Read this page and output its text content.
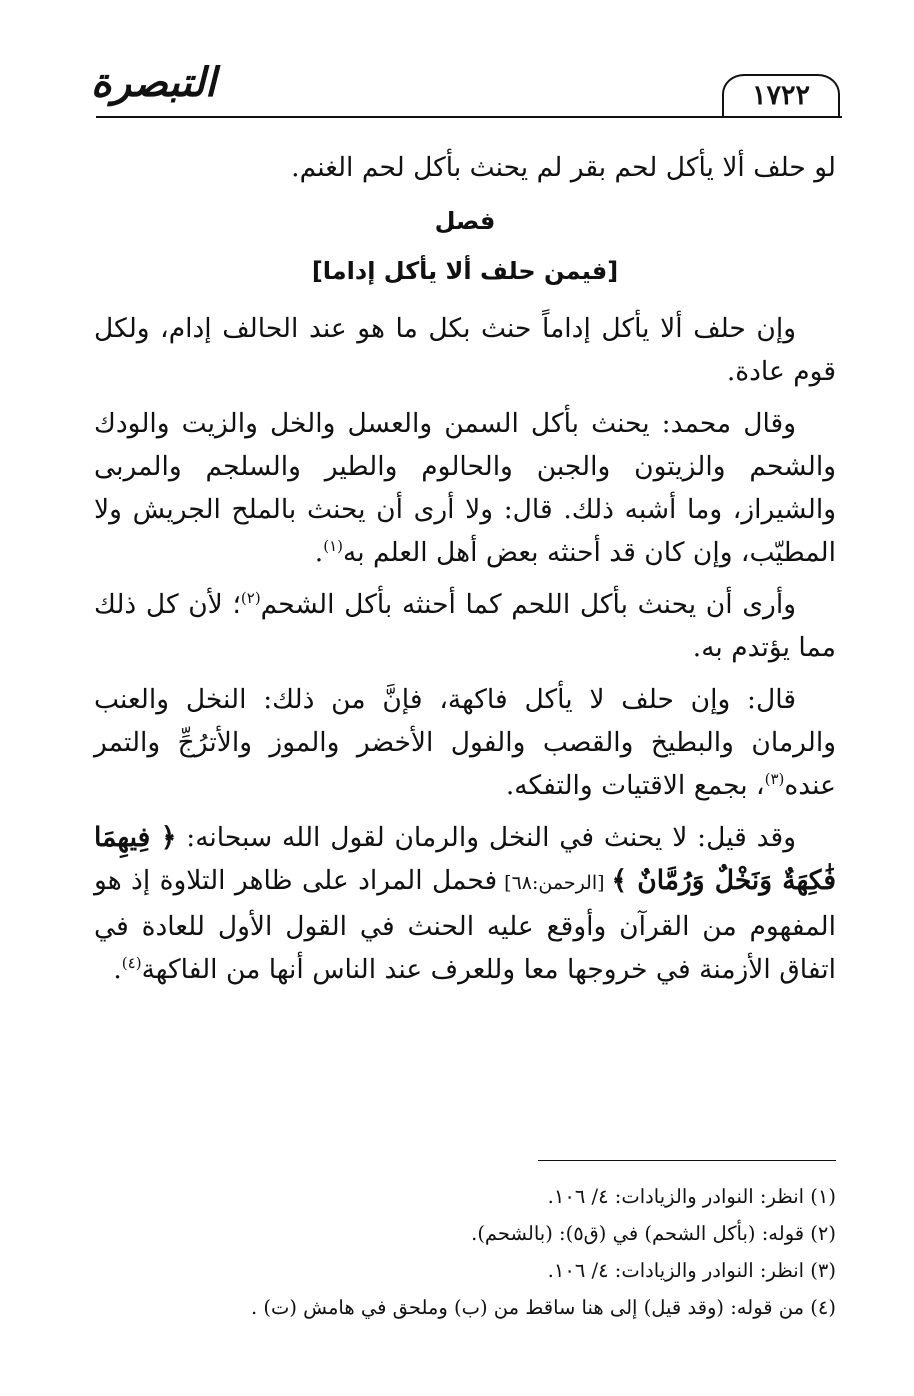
١٧٢٢
التبصرة

لو حلف ألا يأكل لحم بقر لم يحنث بأكل لحم الغنم.

فصل
[فيمن حلف ألا يأكل إداما]

وإن حلف ألا يأكل إداماً حنث بكل ما هو عند الحالف إدام، ولكل قوم عادة.

وقال محمد: يحنث بأكل السمن والعسل والخل والزيت والودك والشحم والزيتون والجبن والحالوم والطير والسلجم والمربى والشيراز، وما أشبه ذلك. قال: ولا أرى أن يحنث بالملح الجريش ولا المطيّب، وإن كان قد أحنثه بعض أهل العلم به$^{(١)}$.

وأرى أن يحنث بأكل اللحم كما أحنثه بأكل الشحم$^{(٢)}$؛ لأن كل ذلك مما يؤتدم به.

قال: وإن حلف لا يأكل فاكهة، فإنَّ من ذلك: النخل والعنب والرمان والبطيخ والقصب والفول الأخضر والموز والأترُجِّ والتمر عنده$^{(٣)}$، بجمع الاقتيات والتفكه.

وقد قيل: لا يحنث في النخل والرمان لقول الله سبحانه: ﴿ فِيهِمَا فَٰكِهَةٌ وَنَخْلٌ وَرُمَّانٌ ﴾ [الرحمن:٦٨] فحمل المراد على ظاهر التلاوة إذ هو المفهوم من القرآن وأوقع عليه الحنث في القول الأول للعادة في اتفاق الأزمنة في خروجها معا وللعرف عند الناس أنها من الفاكهة$^{(٤)}$.

(١) انظر: النوادر والزيادات: ٤/ ١٠٦.

(٢) قوله: (بأكل الشحم) في (ق٥): (بالشحم).

(٣) انظر: النوادر والزيادات: ٤/ ١٠٦.

(٤) من قوله: (وقد قيل) إلى هنا ساقط من (ب) وملحق في هامش (ت) .
